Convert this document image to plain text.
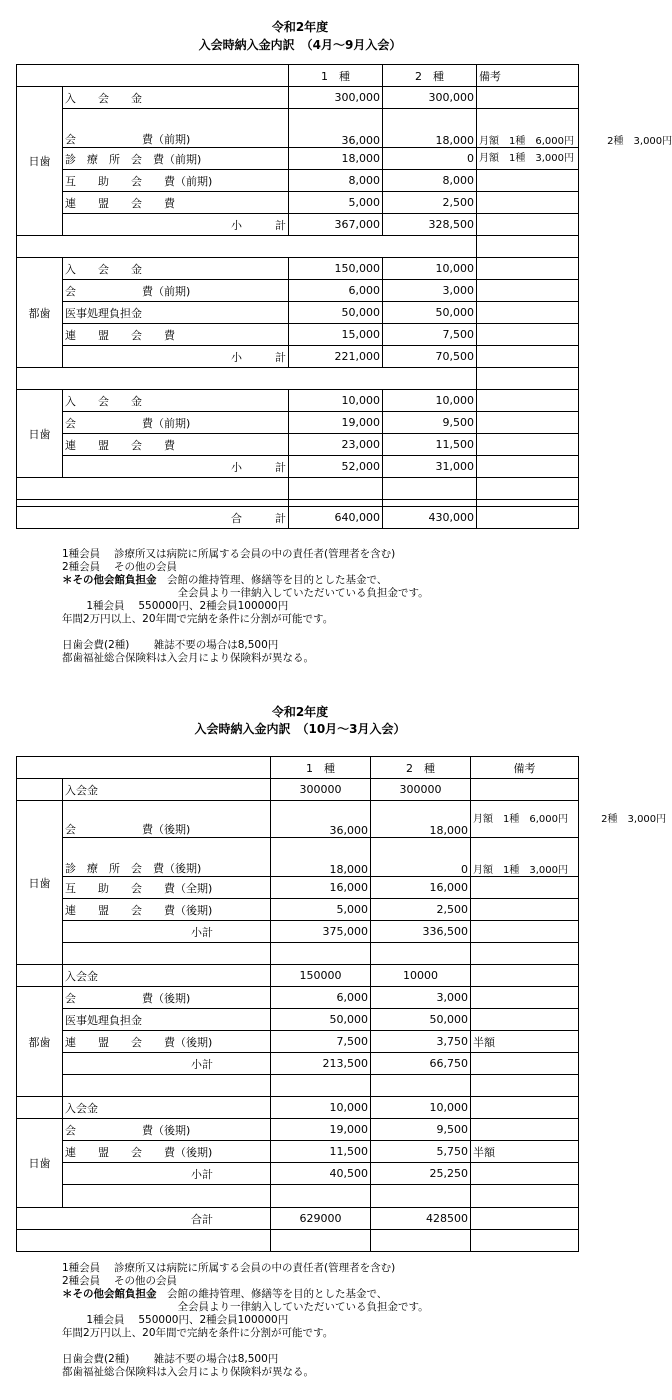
令和2年度
入会時納入金内訳　（4月～9月入会）
		1　種	2　種	備考
日歯	入　　会　　金	300,000	300,000	
	会　　　　　　費（前期)	36,000	18,000	月額　1種　6,000円 　　　2種　3,000円
	診　療　所　会　費（前期)	18,000	0	月額　1種　3,000円
	互　　助　　会　　費（前期)	8,000	8,000	
	連　　盟　　会　　費	5,000	2,500	
	小　　　計	367,000	328,500	

都歯	入　　会　　金	150,000	10,000	
	会　　　　　　費（前期)	6,000	3,000	
	医事処理負担金	50,000	50,000	
	連　　盟　　会　　費	15,000	7,500	
	小　　　計	221,000	70,500	

日歯	入　　会　　金	10,000	10,000	
	会　　　　　　費（前期)	19,000	9,500	
	連　　盟　　会　　費	23,000	11,500	
	小　　　計	52,000	31,000	

合　　　計		640,000	430,000	
1種会員　 診療所又は病院に所属する会員の中の責任者(管理者を含む)
2種会員　 その他の会員
＊その他会館負担金　会館の維持管理、修繕等を目的とした基金で、
　　　　　　　　　　　全会員より一律納入していただいている負担金です。
　　 1種会員　 550000円、2種会員100000円
年間2万円以上、20年間で完納を条件に分割が可能です。
日歯会費(2種)　　 雑誌不要の場合は8,500円
都歯福祉総合保険料は入会月により保険料が異なる。
令和2年度
入会時納入金内訳　（10月～3月入会）
		1　種	2　種	備考
	入会金	300000	300000	
日歯	会　　　　　　費（後期)	36,000	18,000	月額　1種　6,000円 　　　2種　3,000円
	診　療　所　会　費（後期)	18,000	0	月額　1種　3,000円
	互　　助　　会　　費（全期)	16,000	16,000	
	連　　盟　　会　　費（後期)	5,000	2,500	
	小計	375,000	336,500	

	入会金	150000	10000	
都歯	会　　　　　　費（後期)	6,000	3,000	
	医事処理負担金	50,000	50,000	
	連　　盟　　会　　費（後期)	7,500	3,750	半額
	小計	213,500	66,750	

	入会金	10,000	10,000	
日歯	会　　　　　　費（後期)	19,000	9,500	
	連　　盟　　会　　費（後期)	11,500	5,750	半額
	小計	40,500	25,250	

合計		629000	428500	

1種会員　 診療所又は病院に所属する会員の中の責任者(管理者を含む)
2種会員　 その他の会員
＊その他会館負担金　会館の維持管理、修繕等を目的とした基金で、
　　　　　　　　　　　全会員より一律納入していただいている負担金です。
　　 1種会員　 550000円、2種会員100000円
年間2万円以上、20年間で完納を条件に分割が可能です。
日歯会費(2種)　　 雑誌不要の場合は8,500円
都歯福祉総合保険料は入会月により保険料が異なる。
